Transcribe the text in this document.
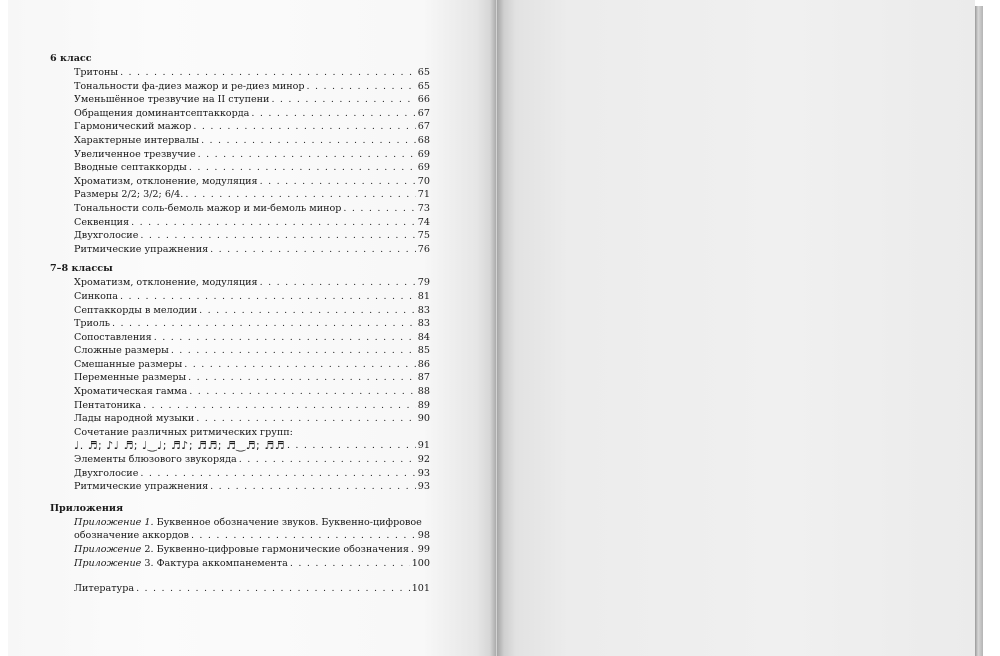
6 класс
Тритоны . . .	65
Тональности фа-диез мажор и ре-диез минор . . .	65
Уменьшённое трезвучие на II ступени . . .	66
Обращения доминантсептаккорда . . .	67
Гармонический мажор . . .	67
Характерные интервалы . . .	68
Увеличенное трезвучие . . .	69
Вводные септаккорды . . .	69
Хроматизм, отклонение, модуляция . . .	70
Размеры 2/2; 3/2; 6/4. . . .	71
Тональности соль-бемоль мажор и ми-бемоль минор . . .	73
Секвенция . . .	74
Двухголосие . . .	75
Ритмические упражнения . . .	76
7–8 классы
Хроматизм, отклонение, модуляция . . .	79
Синкопа . . .	81
Септаккорды в мелодии . . .	83
Триоль . . .	83
Сопоставления . . .	84
Сложные размеры . . .	85
Смешанные размеры . . .	86
Переменные размеры . . .	87
Хроматическая гамма . . .	88
Пентатоника . . .	89
Лады народной музыки . . .	90
Сочетание различных ритмических групп:
♩. ♬; ♪♩ ♬; ♩‿♩; ♬♪; ♬♬; ♬‿♬; ♬♬ . . .	91
Элементы блюзового звукоряда . . .	92
Двухголосие . . .	93
Ритмические упражнения . . .	93
Приложения
Приложение 1. Буквенное обозначение звуков. Буквенно-цифровое
обозначение аккордов . . .	98
Приложение 2. Буквенно-цифровые гармонические обозначения . . . 99
Приложение 3. Фактура аккомпанемента . . .	100
Литература . . .	101
